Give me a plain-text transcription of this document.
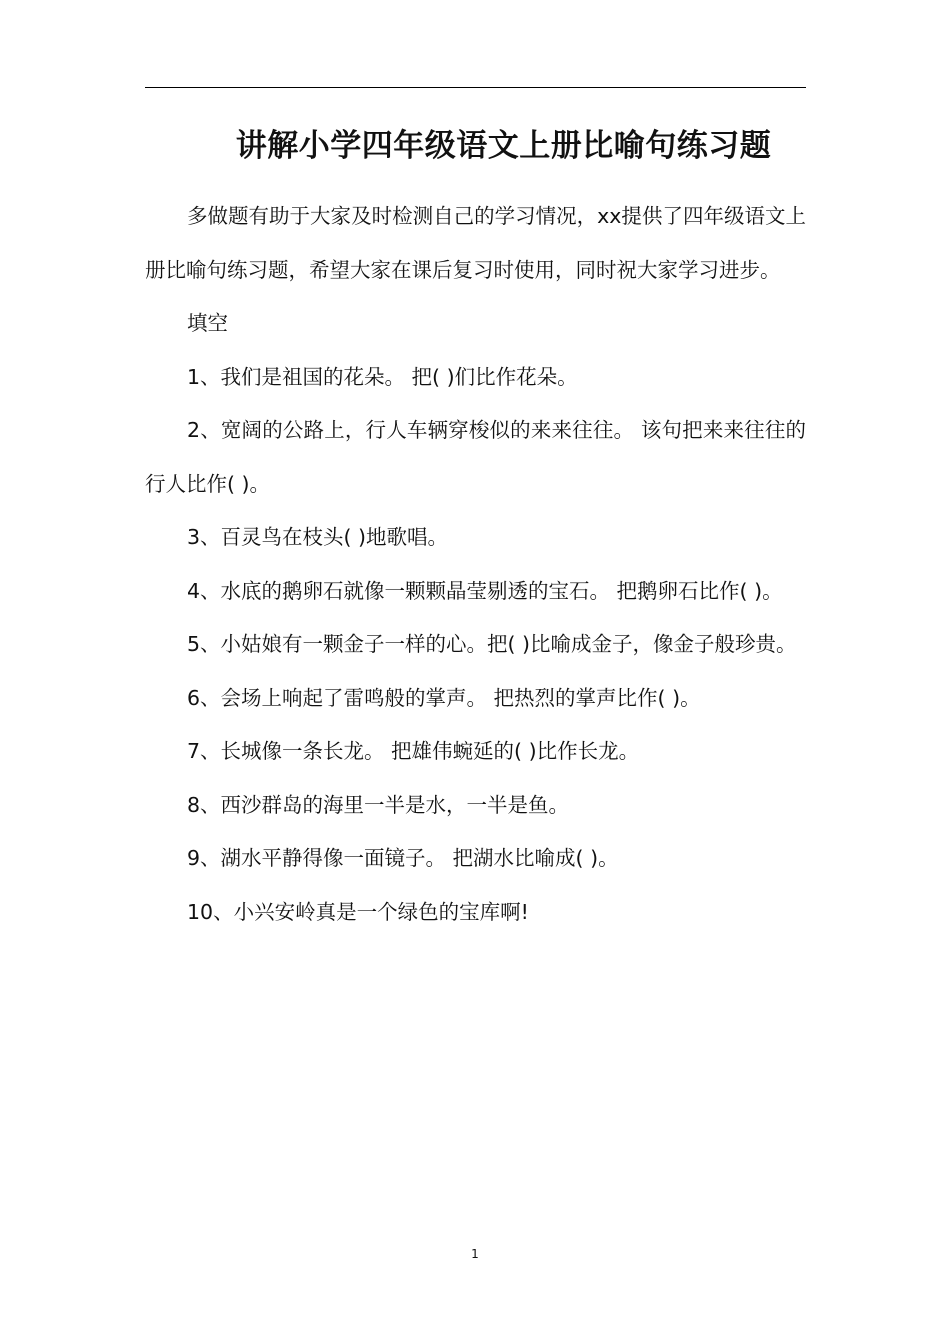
讲解小学四年级语文上册比喻句练习题

多做题有助于大家及时检测自己的学习情况，xx提供了四年级语文上册比喻句练习题，希望大家在课后复习时使用，同时祝大家学习进步。

填空

1、我们是祖国的花朵。 把( )们比作花朵。

2、宽阔的公路上，行人车辆穿梭似的来来往往。 该句把来来往往的行人比作( )。

3、百灵鸟在枝头( )地歌唱。

4、水底的鹅卵石就像一颗颗晶莹剔透的宝石。 把鹅卵石比作( )。

5、小姑娘有一颗金子一样的心。把( )比喻成金子，像金子般珍贵。

6、会场上响起了雷鸣般的掌声。 把热烈的掌声比作( )。

7、长城像一条长龙。 把雄伟蜿延的( )比作长龙。

8、西沙群岛的海里一半是水，一半是鱼。

9、湖水平静得像一面镜子。 把湖水比喻成( )。

10、小兴安岭真是一个绿色的宝库啊!

1
